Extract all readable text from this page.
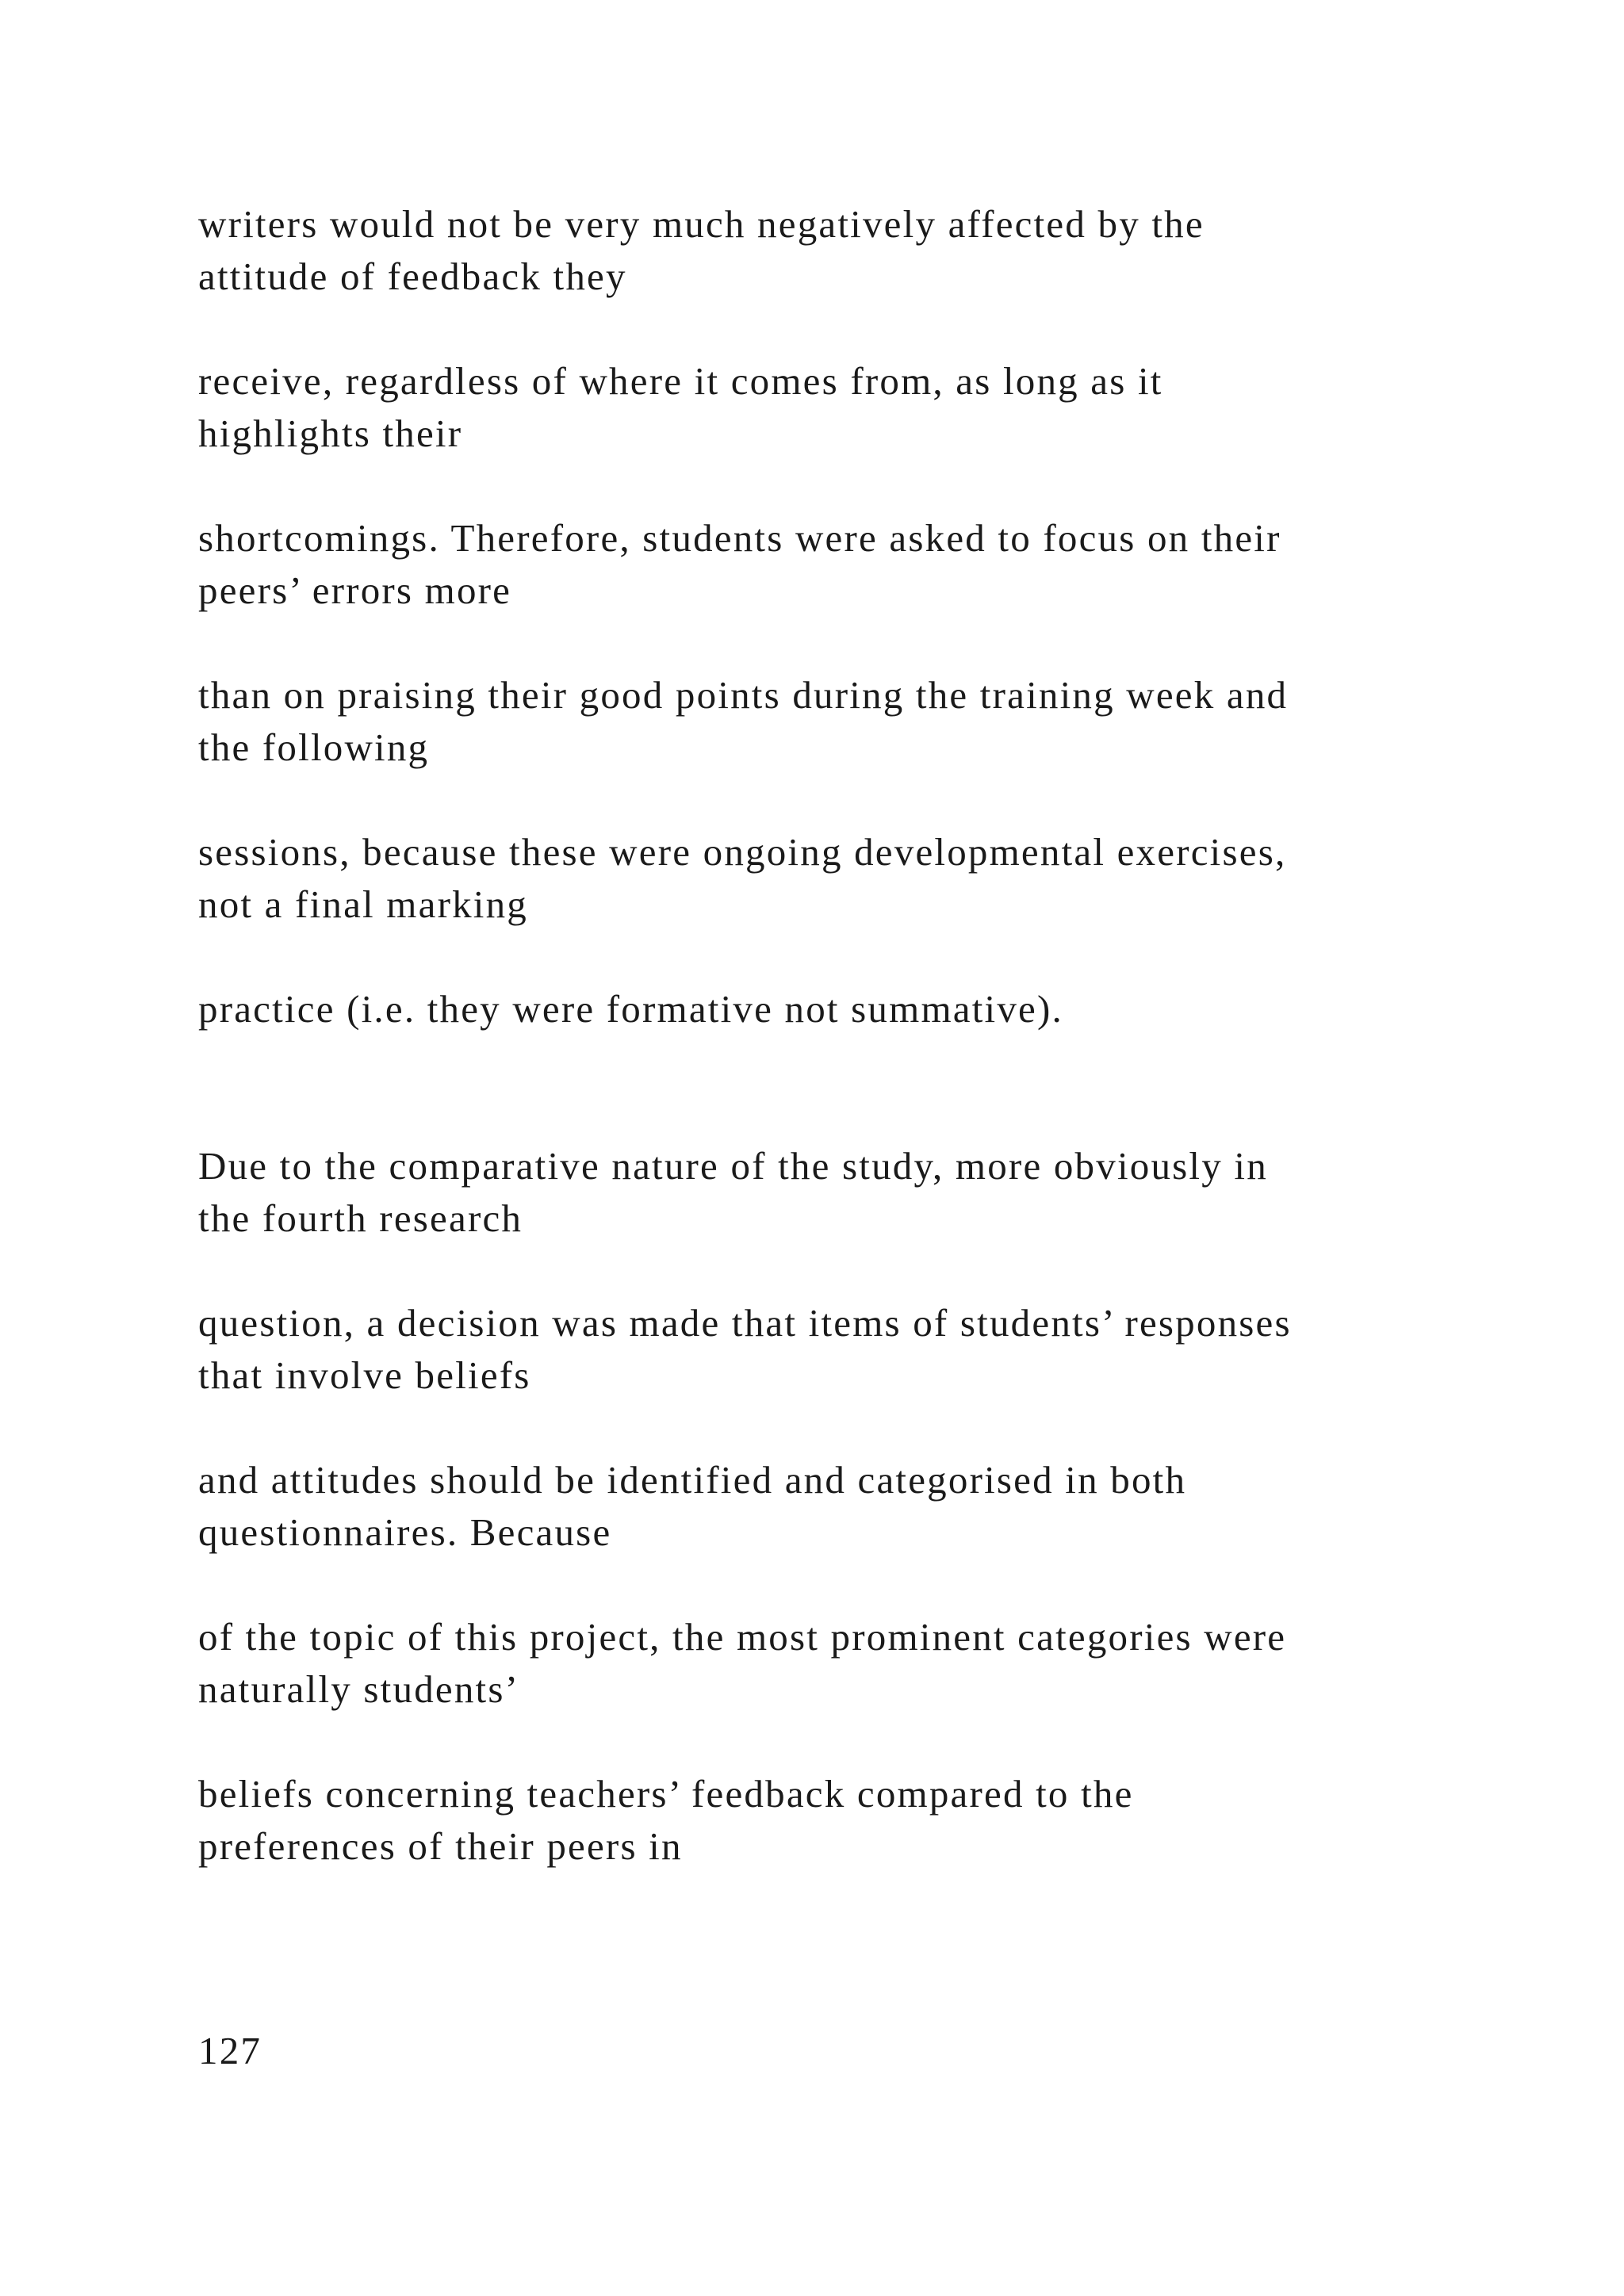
writers would not be very much negatively affected by the
attitude of feedback they

receive, regardless of where it comes from, as long as it
highlights their

shortcomings. Therefore, students were asked to focus on their
peers’ errors more

than on praising their good points during the training week and
the following

sessions, because these were ongoing developmental exercises,
not a final marking

practice (i.e. they were formative not summative).

Due to the comparative nature of the study, more obviously in
the fourth research

question, a decision was made that items of students’ responses
that involve beliefs

and attitudes should be identified and categorised in both
questionnaires. Because

of the topic of this project, the most prominent categories were
naturally students’

beliefs concerning teachers’ feedback compared to the
preferences of their peers in

127
